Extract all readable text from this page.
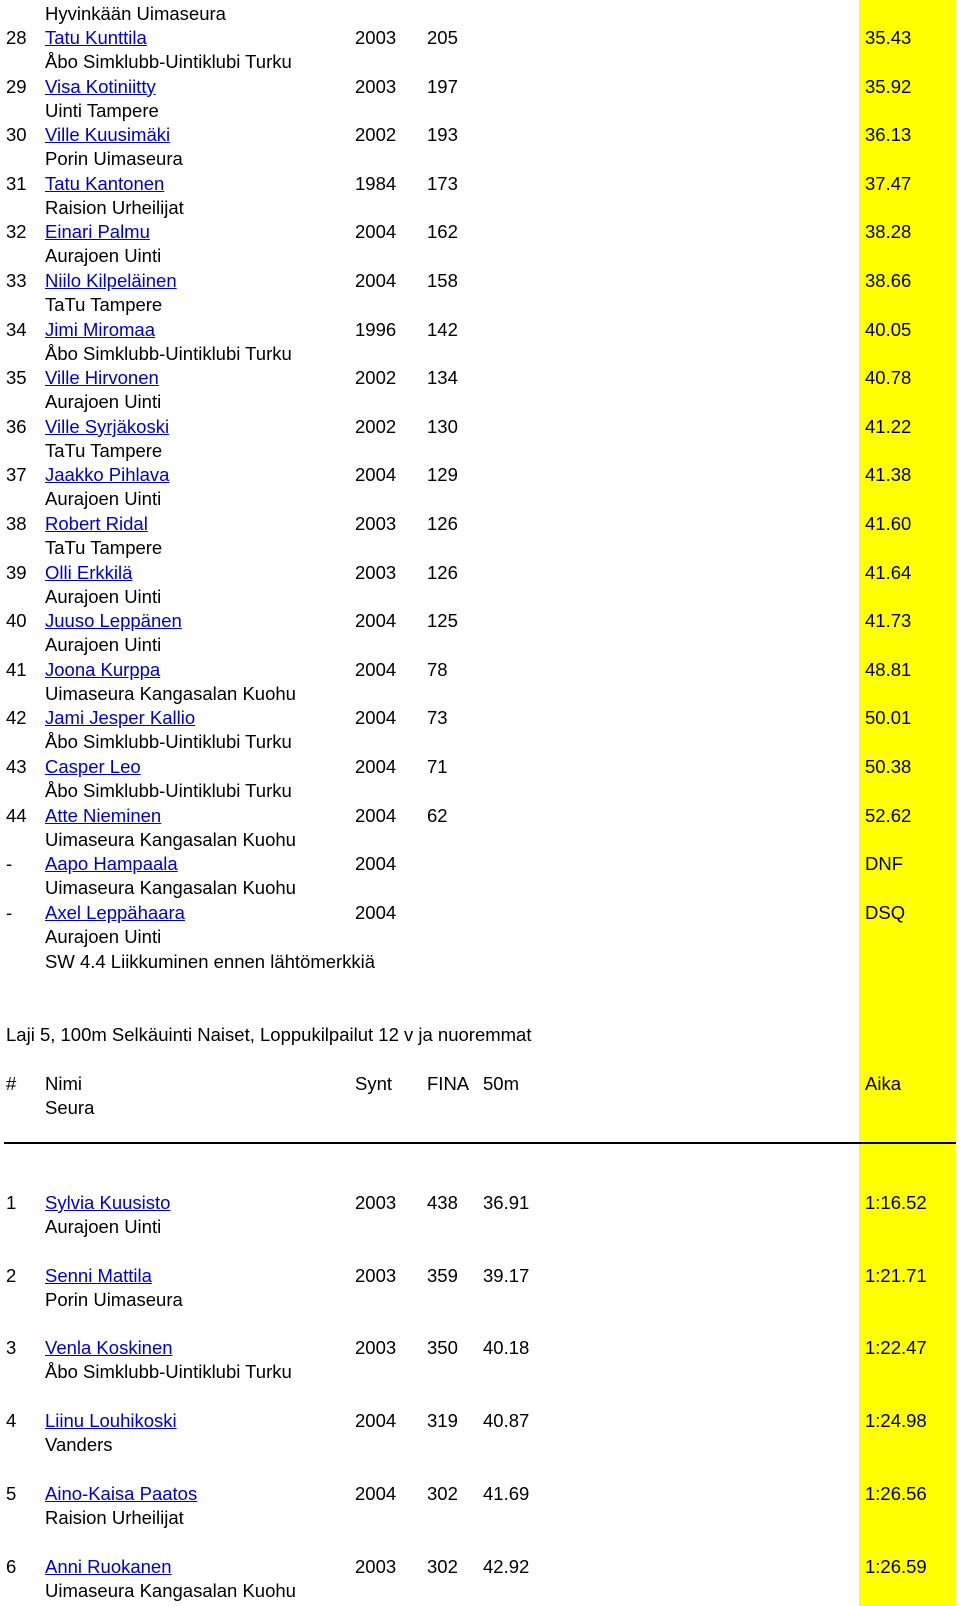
Hyvinkään Uimaseura
28 Tatu Kunttila	2003 205	35.43
Åbo Simklubb-Uintiklubi Turku
29 Visa Kotiniitty	2003 197	35.92
Uinti Tampere
30 Ville Kuusimäki	2002 193	36.13
Porin Uimaseura
31 Tatu Kantonen	1984 173	37.47
Raision Urheilijat
32 Einari Palmu	2004 162	38.28
Aurajoen Uinti
33 Niilo Kilpeläinen	2004 158	38.66
TaTu Tampere
34 Jimi Miromaa	1996 142	40.05
Åbo Simklubb-Uintiklubi Turku
35 Ville Hirvonen	2002 134	40.78
Aurajoen Uinti
36 Ville Syrjäkoski	2002 130	41.22
TaTu Tampere
37 Jaakko Pihlava	2004 129	41.38
Aurajoen Uinti
38 Robert Ridal	2003 126	41.60
TaTu Tampere
39 Olli Erkkilä	2003 126	41.64
Aurajoen Uinti
40 Juuso Leppänen	2004 125	41.73
Aurajoen Uinti
41 Joona Kurppa	2004 78	48.81
Uimaseura Kangasalan Kuohu
42 Jami Jesper Kallio	2004 73	50.01
Åbo Simklubb-Uintiklubi Turku
43 Casper Leo	2004 71	50.38
Åbo Simklubb-Uintiklubi Turku
44 Atte Nieminen	2004 62	52.62
Uimaseura Kangasalan Kuohu
- Aapo Hampaala	2004	DNF
Uimaseura Kangasalan Kuohu
- Axel Leppähaara	2004	DSQ
Aurajoen Uinti
SW 4.4 Liikkuminen ennen lähtömerkkiä
Laji 5, 100m Selkäuinti Naiset, Loppukilpailut 12 v ja nuoremmat
# Nimi	Synt FINA 50m	Aika
Seura
1 Sylvia Kuusisto	2003 438 36.91	1:16.52
Aurajoen Uinti
2 Senni Mattila	2003 359 39.17	1:21.71
Porin Uimaseura
3 Venla Koskinen	2003 350 40.18	1:22.47
Åbo Simklubb-Uintiklubi Turku
4 Liinu Louhikoski	2004 319 40.87	1:24.98
Vanders
5 Aino-Kaisa Paatos	2004 302 41.69	1:26.56
Raision Urheilijat
6 Anni Ruokanen	2003 302 42.92	1:26.59
Uimaseura Kangasalan Kuohu
